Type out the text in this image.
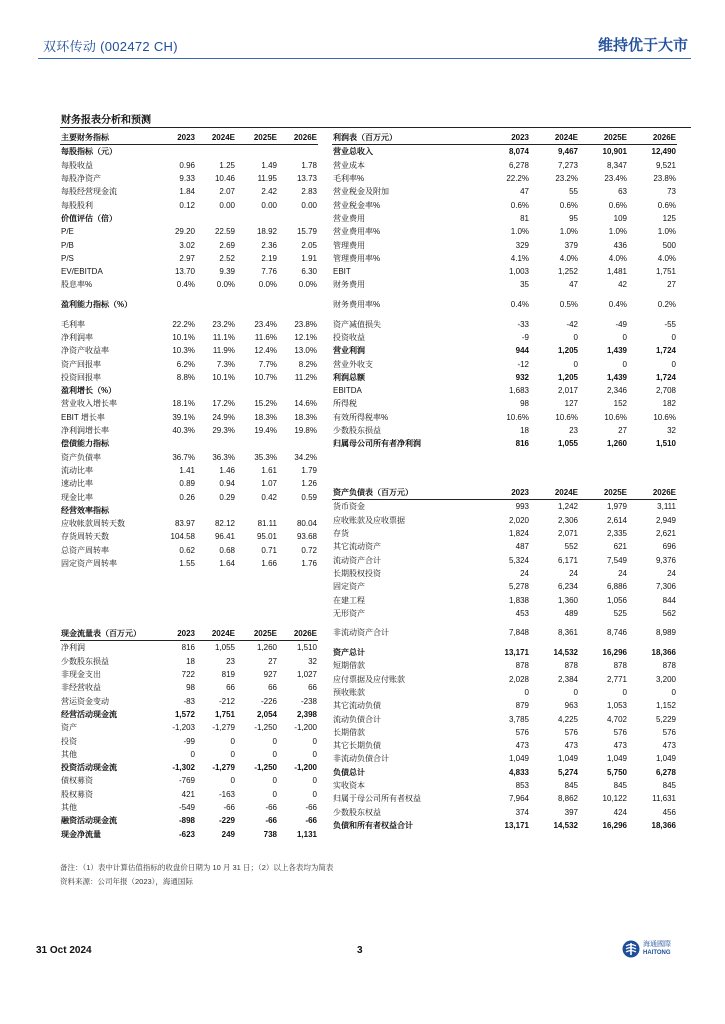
双环传动 (002472 CH)	维持优于大市
财务报表分析和预测
主要财务指标	2023	2024E	2025E	2026E
每股指标（元）				
每股收益	0.96	1.25	1.49	1.78
每股净资产	9.33	10.46	11.95	13.73
每股经营现金流	1.84	2.07	2.42	2.83
每股股利	0.12	0.00	0.00	0.00
价值评估（倍）				
P/E	29.20	22.59	18.92	15.79
P/B	3.02	2.69	2.36	2.05
P/S	2.97	2.52	2.19	1.91
EV/EBITDA	13.70	9.39	7.76	6.30
股息率%	0.4%	0.0%	0.0%	0.0%
盈利能力指标（%）				
毛利率	22.2%	23.2%	23.4%	23.8%
净利润率	10.1%	11.1%	11.6%	12.1%
净资产收益率	10.3%	11.9%	12.4%	13.0%
资产回报率	6.2%	7.3%	7.7%	8.2%
投资回报率	8.8%	10.1%	10.7%	11.2%
盈利增长（%）				
营业收入增长率	18.1%	17.2%	15.2%	14.6%
EBIT 增长率	39.1%	24.9%	18.3%	18.3%
净利润增长率	40.3%	29.3%	19.4%	19.8%
偿债能力指标				
资产负债率	36.7%	36.3%	35.3%	34.2%
流动比率	1.41	1.46	1.61	1.79
速动比率	0.89	0.94	1.07	1.26
现金比率	0.26	0.29	0.42	0.59
经营效率指标				
应收帐款周转天数	83.97	82.12	81.11	80.04
存货周转天数	104.58	96.41	95.01	93.68
总资产周转率	0.62	0.68	0.71	0.72
固定资产周转率	1.55	1.64	1.66	1.76
利润表（百万元）	2023	2024E	2025E	2026E
营业总收入	8,074	9,467	10,901	12,490
营业成本	6,278	7,273	8,347	9,521
毛利率%	22.2%	23.2%	23.4%	23.8%
营业税金及附加	47	55	63	73
营业税金率%	0.6%	0.6%	0.6%	0.6%
营业费用	81	95	109	125
营业费用率%	1.0%	1.0%	1.0%	1.0%
管理费用	329	379	436	500
管理费用率%	4.1%	4.0%	4.0%	4.0%
EBIT	1,003	1,252	1,481	1,751
财务费用	35	47	42	27
财务费用率%	0.4%	0.5%	0.4%	0.2%
资产减值损失	-33	-42	-49	-55
投资收益	-9	0	0	0
营业利润	944	1,205	1,439	1,724
营业外收支	-12	0	0	0
利润总额	932	1,205	1,439	1,724
EBITDA	1,683	2,017	2,346	2,708
所得税	98	127	152	182
有效所得税率%	10.6%	10.6%	10.6%	10.6%
少数股东损益	18	23	27	32
归属母公司所有者净利润	816	1,055	1,260	1,510
资产负债表（百万元）	2023	2024E	2025E	2026E
货币资金	993	1,242	1,979	3,111
应收账款及应收票据	2,020	2,306	2,614	2,949
存货	1,824	2,071	2,335	2,621
其它流动资产	487	552	621	696
流动资产合计	5,324	6,171	7,549	9,376
长期股权投资	24	24	24	24
固定资产	5,278	6,234	6,886	7,306
在建工程	1,838	1,360	1,056	844
无形资产	453	489	525	562
非流动资产合计	7,848	8,361	8,746	8,989
资产总计	13,171	14,532	16,296	18,366
短期借款	878	878	878	878
应付票据及应付账款	2,028	2,384	2,771	3,200
预收账款	0	0	0	0
其它流动负债	879	963	1,053	1,152
流动负债合计	3,785	4,225	4,702	5,229
长期借款	576	576	576	576
其它长期负债	473	473	473	473
非流动负债合计	1,049	1,049	1,049	1,049
负债总计	4,833	5,274	5,750	6,278
实收资本	853	845	845	845
归属于母公司所有者权益	7,964	8,862	10,122	11,631
少数股东权益	374	397	424	456
负债和所有者权益合计	13,171	14,532	16,296	18,366
现金流量表（百万元）	2023	2024E	2025E	2026E
净利润	816	1,055	1,260	1,510
少数股东损益	18	23	27	32
非现金支出	722	819	927	1,027
非经营收益	98	66	66	66
营运资金变动	-83	-212	-226	-238
经营活动现金流	1,572	1,751	2,054	2,398
资产	-1,203	-1,279	-1,250	-1,200
投资	-99	0	0	0
其他	0	0	0	0
投资活动现金流	-1,302	-1,279	-1,250	-1,200
债权募资	-769	0	0	0
股权募资	421	-163	0	0
其他	-549	-66	-66	-66
融资活动现金流	-898	-229	-66	-66
现金净流量	-623	249	738	1,131
备注：（1）表中计算估值指标的收盘价日期为 10 月 31 日；（2）以上各表均为简表
资料来源：公司年报（2023），海通国际
31 Oct 2024	3
海通國際
HAITONG
